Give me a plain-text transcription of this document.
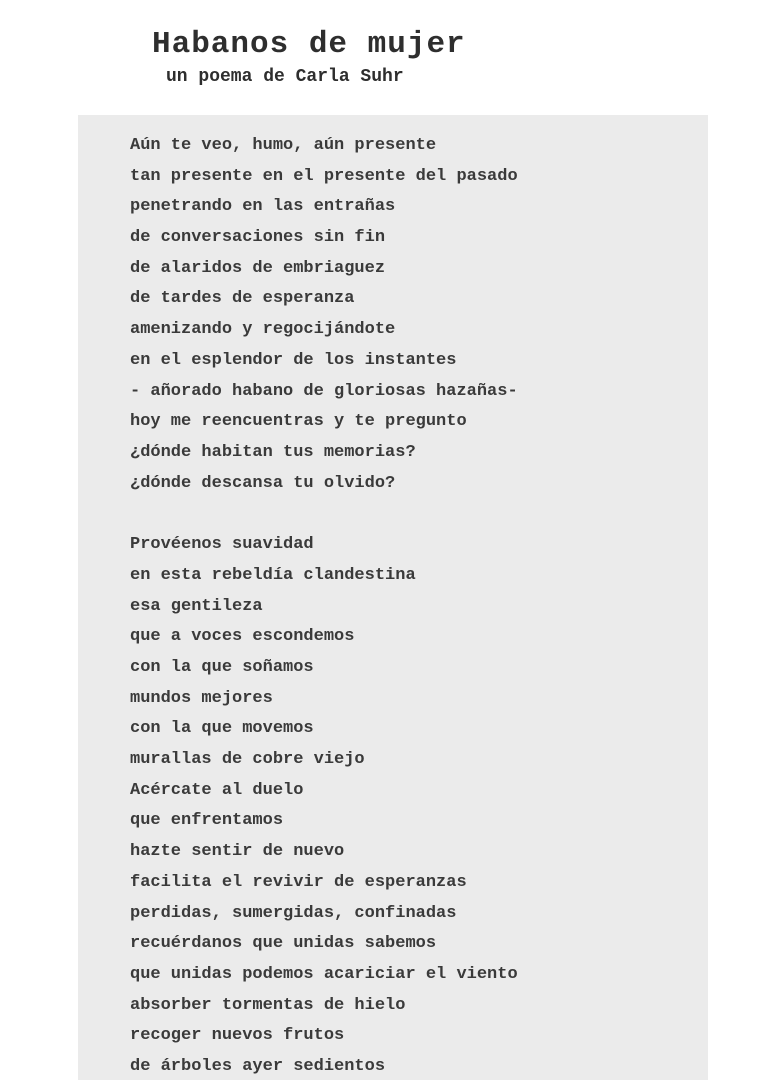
Habanos de mujer
un poema de Carla Suhr
Aún te veo, humo, aún presente
tan presente en el presente del pasado
penetrando en las entrañas
de conversaciones sin fin
de alaridos de embriaguez
de tardes de esperanza
amenizando y regocijándote
en el esplendor de los instantes
- añorado habano de gloriosas hazañas-
hoy me reencuentras y te pregunto
¿dónde habitan tus memorias?
¿dónde descansa tu olvido?
Provéenos suavidad
en esta rebeldía clandestina
esa gentileza
que a voces escondemos
con la que soñamos
mundos mejores
con la que movemos
murallas de cobre viejo
Acércate al duelo
que enfrentamos
hazte sentir de nuevo
facilita el revivir de esperanzas
perdidas, sumergidas, confinadas
recuérdanos que unidas sabemos
que unidas podemos acariciar el viento
absorber tormentas de hielo
recoger nuevos frutos
de árboles ayer sedientos
